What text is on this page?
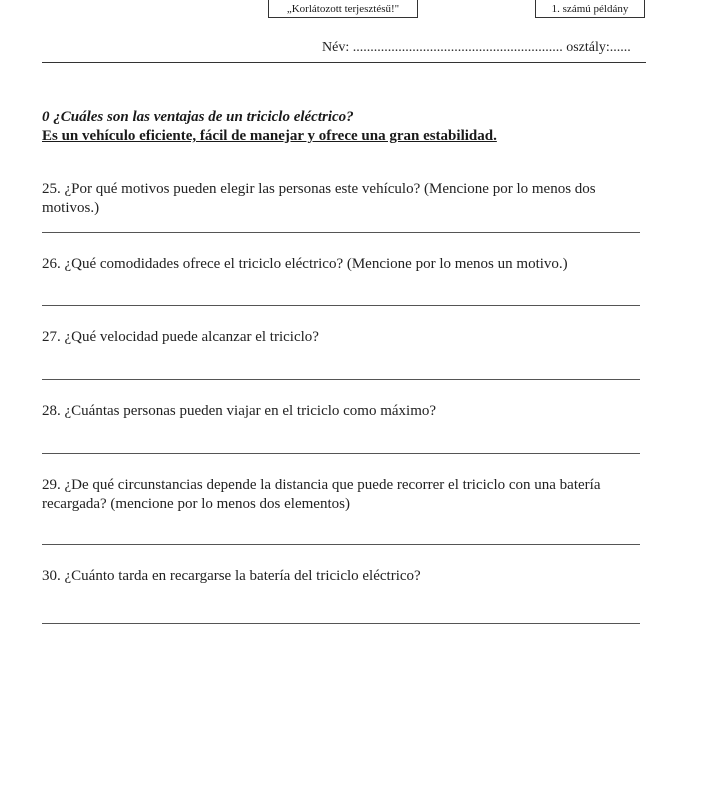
„Korlátozott terjesztésű!"	1. számú példány
Név: ............................................................ osztály:......
0 ¿Cuáles son las ventajas de un triciclo eléctrico?
Es un vehículo eficiente, fácil de manejar y ofrece una gran estabilidad.
25. ¿Por qué motivos pueden elegir las personas este vehículo? (Mencione por lo menos dos motivos.)
26. ¿Qué comodidades ofrece el triciclo eléctrico? (Mencione por lo menos un motivo.)
27. ¿Qué velocidad puede alcanzar el triciclo?
28. ¿Cuántas personas pueden viajar en el triciclo como máximo?
29. ¿De qué circunstancias depende la distancia que puede recorrer el triciclo con una batería recargada? (mencione por lo menos dos elementos)
30. ¿Cuánto tarda en recargarse la batería del triciclo eléctrico?
